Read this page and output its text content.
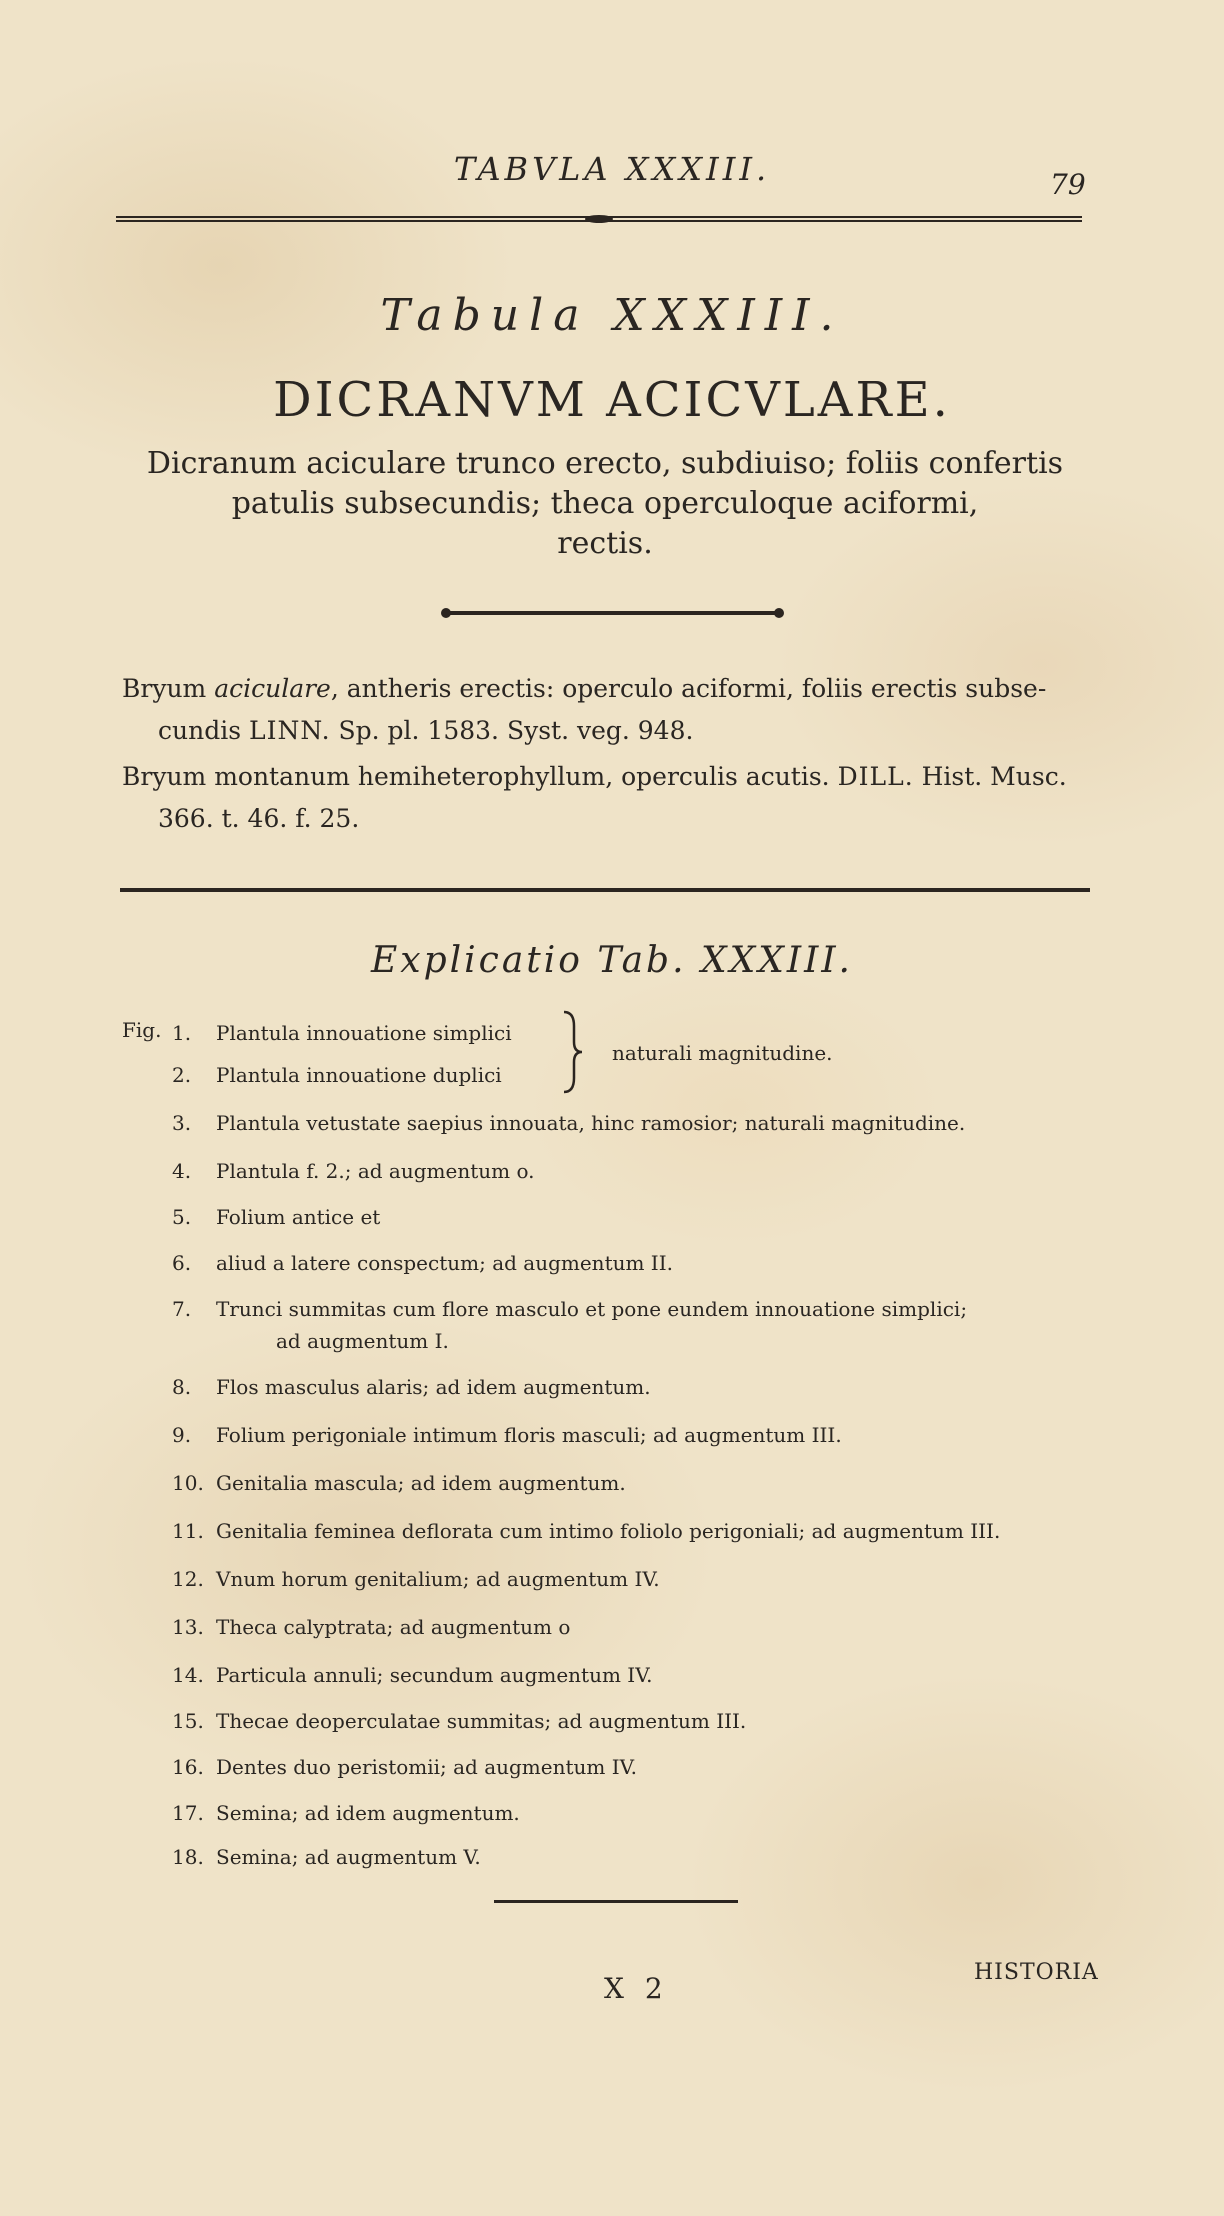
TABVLA XXXIII.	79
Tabula XXXIII.
DICRANVM ACICVLARE.
Dicranum aciculare trunco erecto, subdiuiso; foliis confertis
patulis subsecundis; theca operculoque aciformi,
rectis.
Bryum aciculare, antheris erectis: operculo aciformi, foliis erectis subse-
cundis LINN. Sp. pl. 1583. Syst. veg. 948.
Bryum montanum hemiheterophyllum, operculis acutis. DILL. Hist. Musc.
366. t. 46. f. 25.
Explicatio Tab. XXXIII.
Fig. 1. Plantula innouatione simplici
2. Plantula innouatione duplici
naturali magnitudine.
3. Plantula vetustate saepius innouata, hinc ramosior; naturali magnitudine.
4. Plantula f. 2.; ad augmentum o.
5. Folium antice et
6. aliud a latere conspectum; ad augmentum II.
7. Trunci summitas cum flore masculo et pone eundem innouatione simplici;
ad augmentum I.
8. Flos masculus alaris; ad idem augmentum.
9. Folium perigoniale intimum floris masculi; ad augmentum III.
10. Genitalia mascula; ad idem augmentum.
11. Genitalia feminea deflorata cum intimo foliolo perigoniali; ad augmentum III.
12. Vnum horum genitalium; ad augmentum IV.
13. Theca calyptrata; ad augmentum o
14. Particula annuli; secundum augmentum IV.
15. Thecae deoperculatae summitas; ad augmentum III.
16. Dentes duo peristomii; ad augmentum IV.
17. Semina; ad idem augmentum.
18. Semina; ad augmentum V.
X 2	HISTORIA
